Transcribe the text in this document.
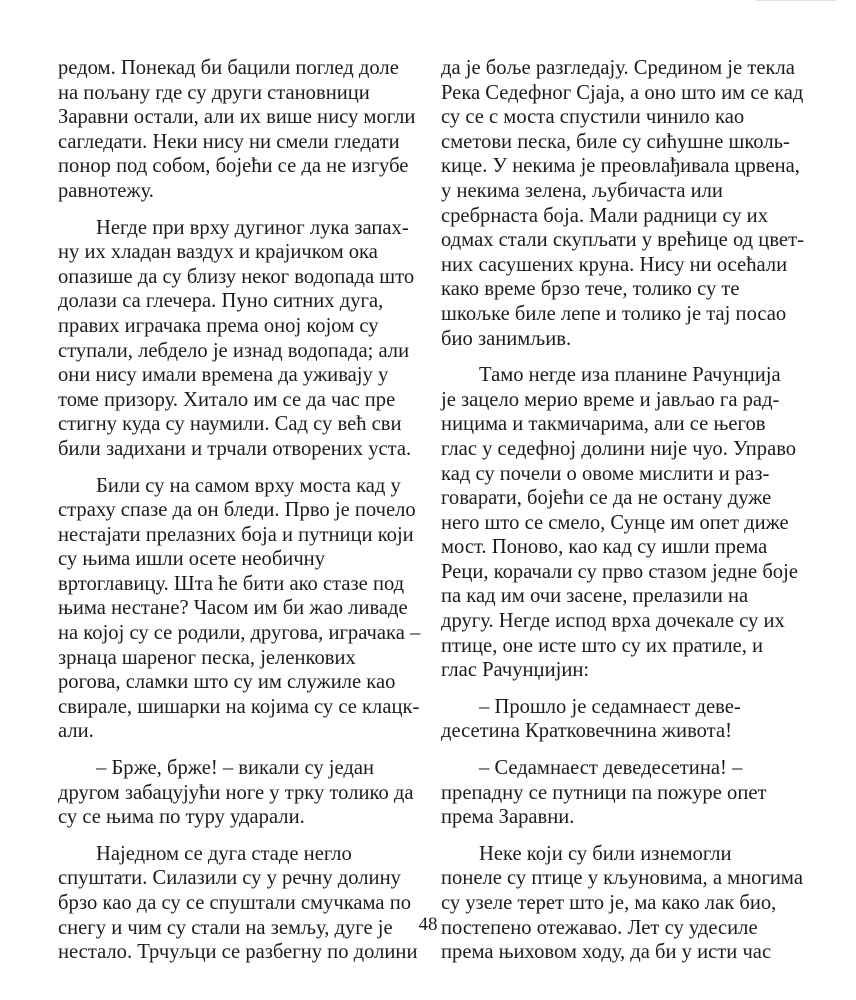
редом. Понекад би бацили поглед доле
на пољану где су други становници
Заравни остали, али их више нису могли
сагледати. Неки нису ни смели гледати
понор под собом, бојећи се да не изгубе
равнотежу.

Негде при врху дугиног лука запах-
ну их хладан ваздух и крајичком ока
опазише да су близу неког водопада што
долази са глечера. Пуно ситних дуга,
правих играчака према оној којом су
ступали, лебдело је изнад водопада; али
они нису имали времена да уживају у
томе призору. Хитало им се да час пре
стигну куда су наумили. Сад су већ сви
били задихани и трчали отворених уста.

Били су на самом врху моста кад у
страху спазе да он бледи. Прво је почело
нестајати прелазних боја и путници који
су њима ишли осете необичну
вртоглавицу. Шта ће бити ако стазе под
њима нестане? Часом им би жао ливаде
на којој су се родили, другова, играчака –
зрнаца шареног песка, јеленкових
рогова, сламки што су им служиле као
свирале, шишарки на којима су се клацк-
али.

– Брже, брже! – викали су један
другом забацујући ноге у трку толико да
су се њима по туру ударали.

Наједном се дуга стаде негло
спуштати. Силазили су у речну долину
брзо као да су се спуштали смучкама по
снегу и чим су стали на земљу, дуге је
нестало. Трчуљци се разбегну по долини

да је боље разгледају. Средином је текла
Река Седефног Сјаја, а оно што им се кад
су се с моста спустили чинило као
сметови песка, биле су сићушне школь-
кице. У некима је преовлађивала црвена,
у некима зелена, љубичаста или
сребрнаста боја. Мали радници су их
одмах стали скупљати у врећице од цвет-
них сасушених круна. Нису ни осећали
како време брзо тече, толико су те
шкољке биле лепе и толико је тај посао
био занимљив.

Тамо негде иза планине Рачунџија
је зацело мерио време и јављао га рад-
ницима и такмичарима, али се његов
глас у седефној долини није чуо. Управо
кад су почели о овоме мислити и раз-
говарати, бојећи се да не остану дуже
него што се смело, Сунце им опет диже
мост. Поново, као кад су ишли према
Реци, корачали су прво стазом једне боје
па кад им очи засене, прелазили на
другу. Негде испод врха дочекале су их
птице, оне исте што су их пратиле, и
глас Рачунџијин:

– Прошло је седамнаест деве-
десетина Кратковечнина живота!

– Седамнаест деведесетина! –
препадну се путници па пожуре опет
према Заравни.

Неке који су били изнемогли
понеле су птице у кљуновима, а многима
су узеле терет што је, ма како лак био,
постепено отежавао. Лет су удесиле
према њиховом ходу, да би у исти час

48
